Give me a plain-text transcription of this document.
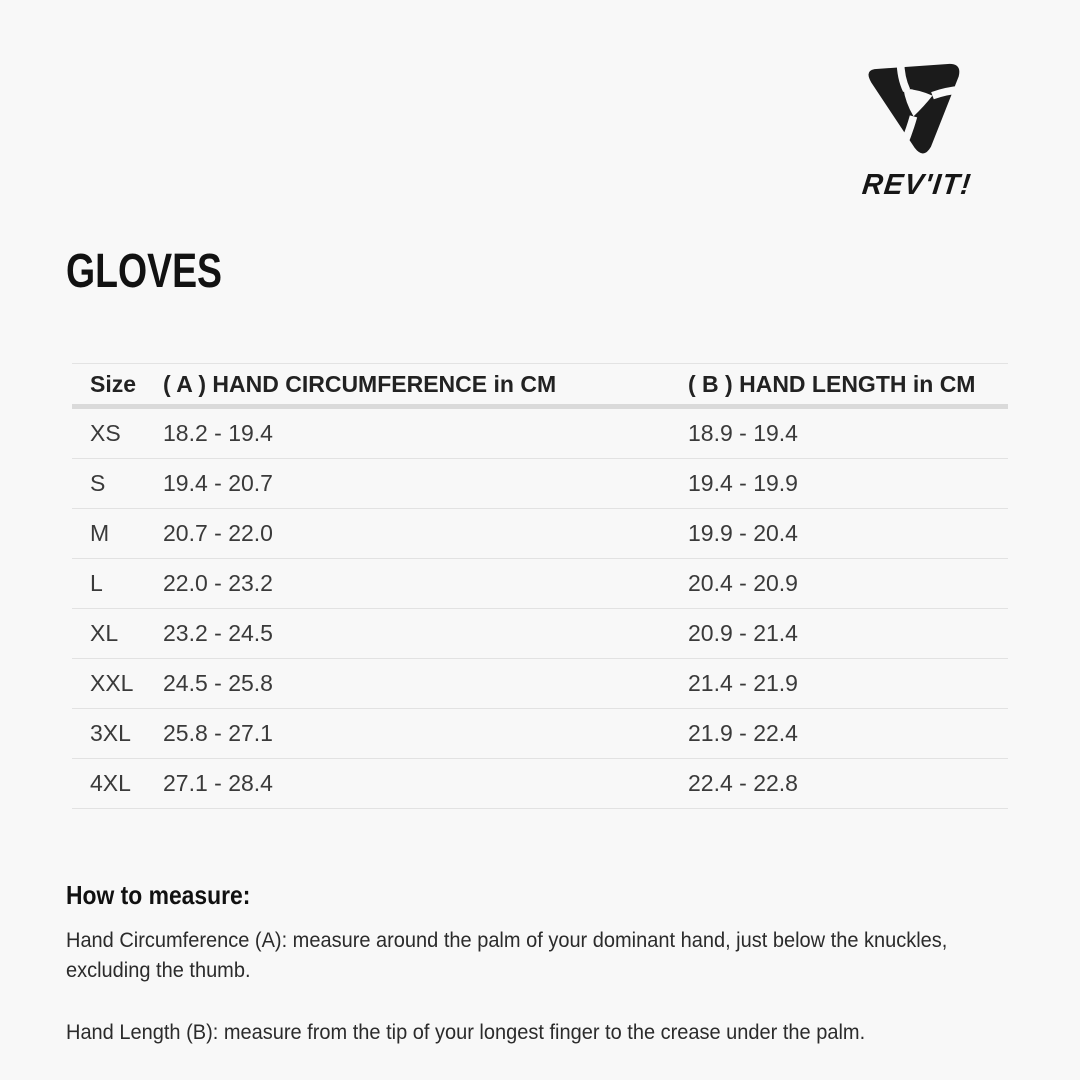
REV'IT!
GLOVES
Size	( A ) HAND CIRCUMFERENCE in CM	( B ) HAND LENGTH in CM
XS	18.2 - 19.4	18.9 - 19.4
S	19.4 - 20.7	19.4 - 19.9
M	20.7 - 22.0	19.9 - 20.4
L	22.0 - 23.2	20.4 - 20.9
XL	23.2 - 24.5	20.9 - 21.4
XXL	24.5 - 25.8	21.4 - 21.9
3XL	25.8 - 27.1	21.9 - 22.4
4XL	27.1 - 28.4	22.4 - 22.8
How to measure:
Hand Circumference (A): measure around the palm of your dominant hand, just below the knuckles,
excluding the thumb.
Hand Length (B): measure from the tip of your longest finger to the crease under the palm.
